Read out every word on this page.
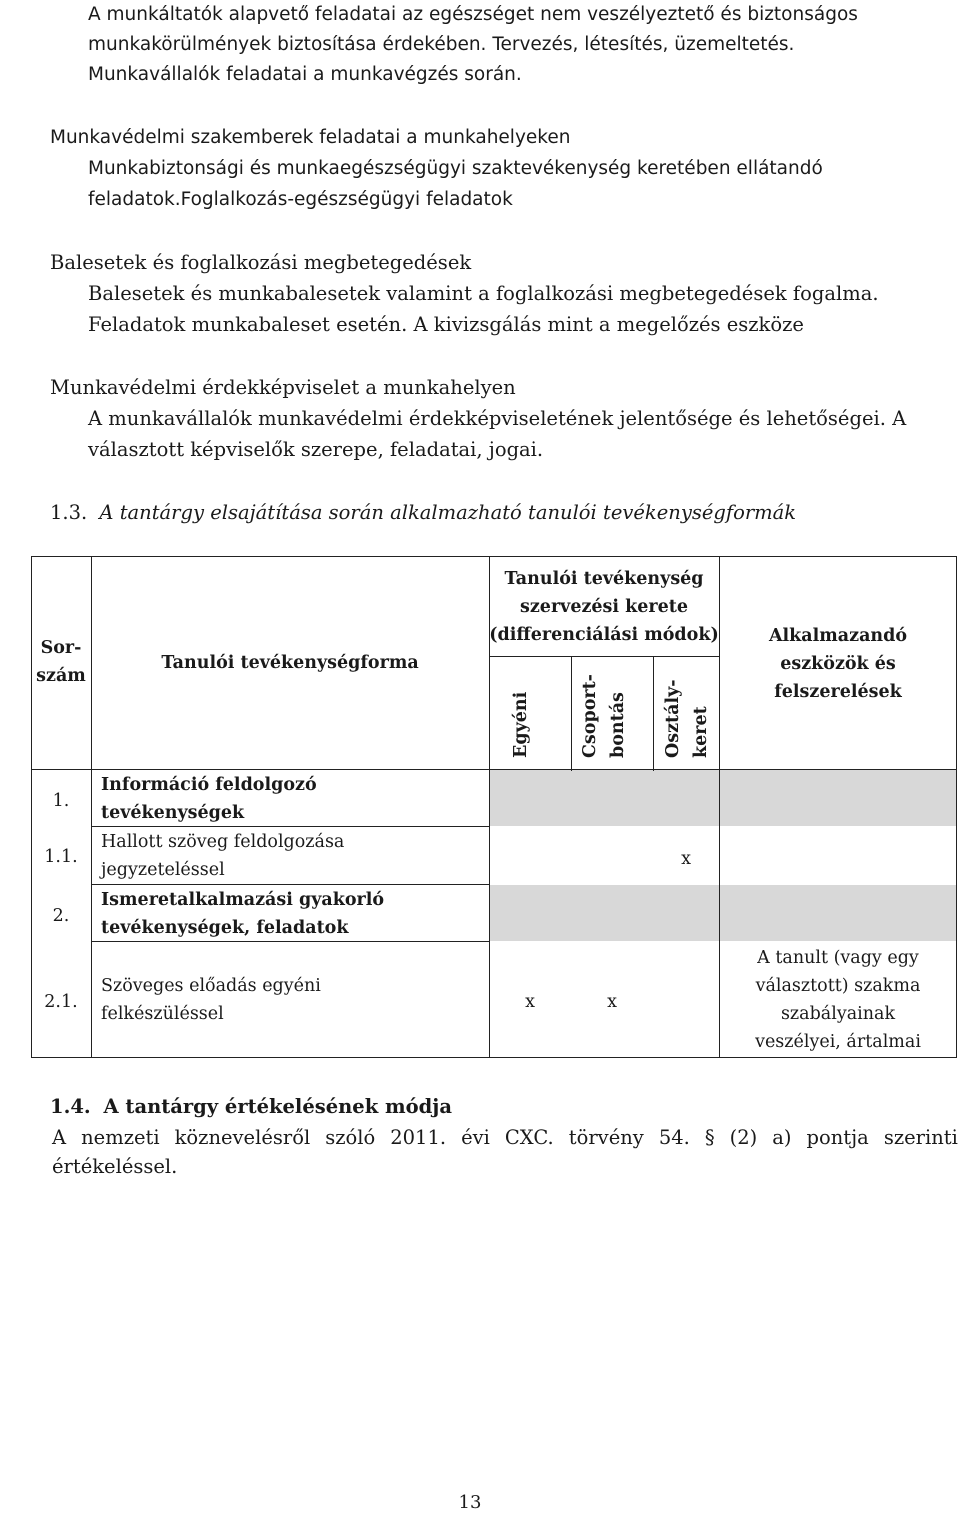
A munkáltatók alapvető feladatai az egészséget nem veszélyeztető és biztonságos
munkakörülmények biztosítása érdekében. Tervezés, létesítés, üzemeltetés.
Munkavállalók feladatai a munkavégzés során.
Munkavédelmi szakemberek feladatai a munkahelyeken
Munkabiztonsági és munkaegészségügyi szaktevékenység keretében ellátandó
feladatok.Foglalkozás-egészségügyi feladatok
Balesetek és foglalkozási megbetegedések
Balesetek és munkabalesetek valamint a foglalkozási megbetegedések fogalma.
Feladatok munkabaleset esetén. A kivizsgálás mint a megelőzés eszköze
Munkavédelmi érdekképviselet a munkahelyen
A munkavállalók munkavédelmi érdekképviseletének jelentősége és lehetőségei. A
választott képviselők szerepe, feladatai, jogai.
1.3. A tantárgy elsajátítása során alkalmazható tanulói tevékenységformák
Sor-
szám
Tanulói tevékenységforma
Tanulói tevékenység
szervezési kerete
(differenciálási módok)
Egyéni	Csoport- bontás Osztály- keret
Alkalmazandó
eszközök és
felszerelések
1.
Információ feldolgozó
tevékenységek
1.1.
Hallott szöveg feldolgozása
jegyzeteléssel
x
2.
Ismeretalkalmazási gyakorló
tevékenységek, feladatok
2.1.
Szöveges előadás egyéni
felkészüléssel
x	x
A tanult (vagy egy
választott) szakma
szabályainak
veszélyei, ártalmai
1.4. A tantárgy értékelésének módja
A nemzeti köznevelésről szóló 2011. évi CXC. törvény 54. § (2) a) pontja szerinti
értékeléssel.
13
